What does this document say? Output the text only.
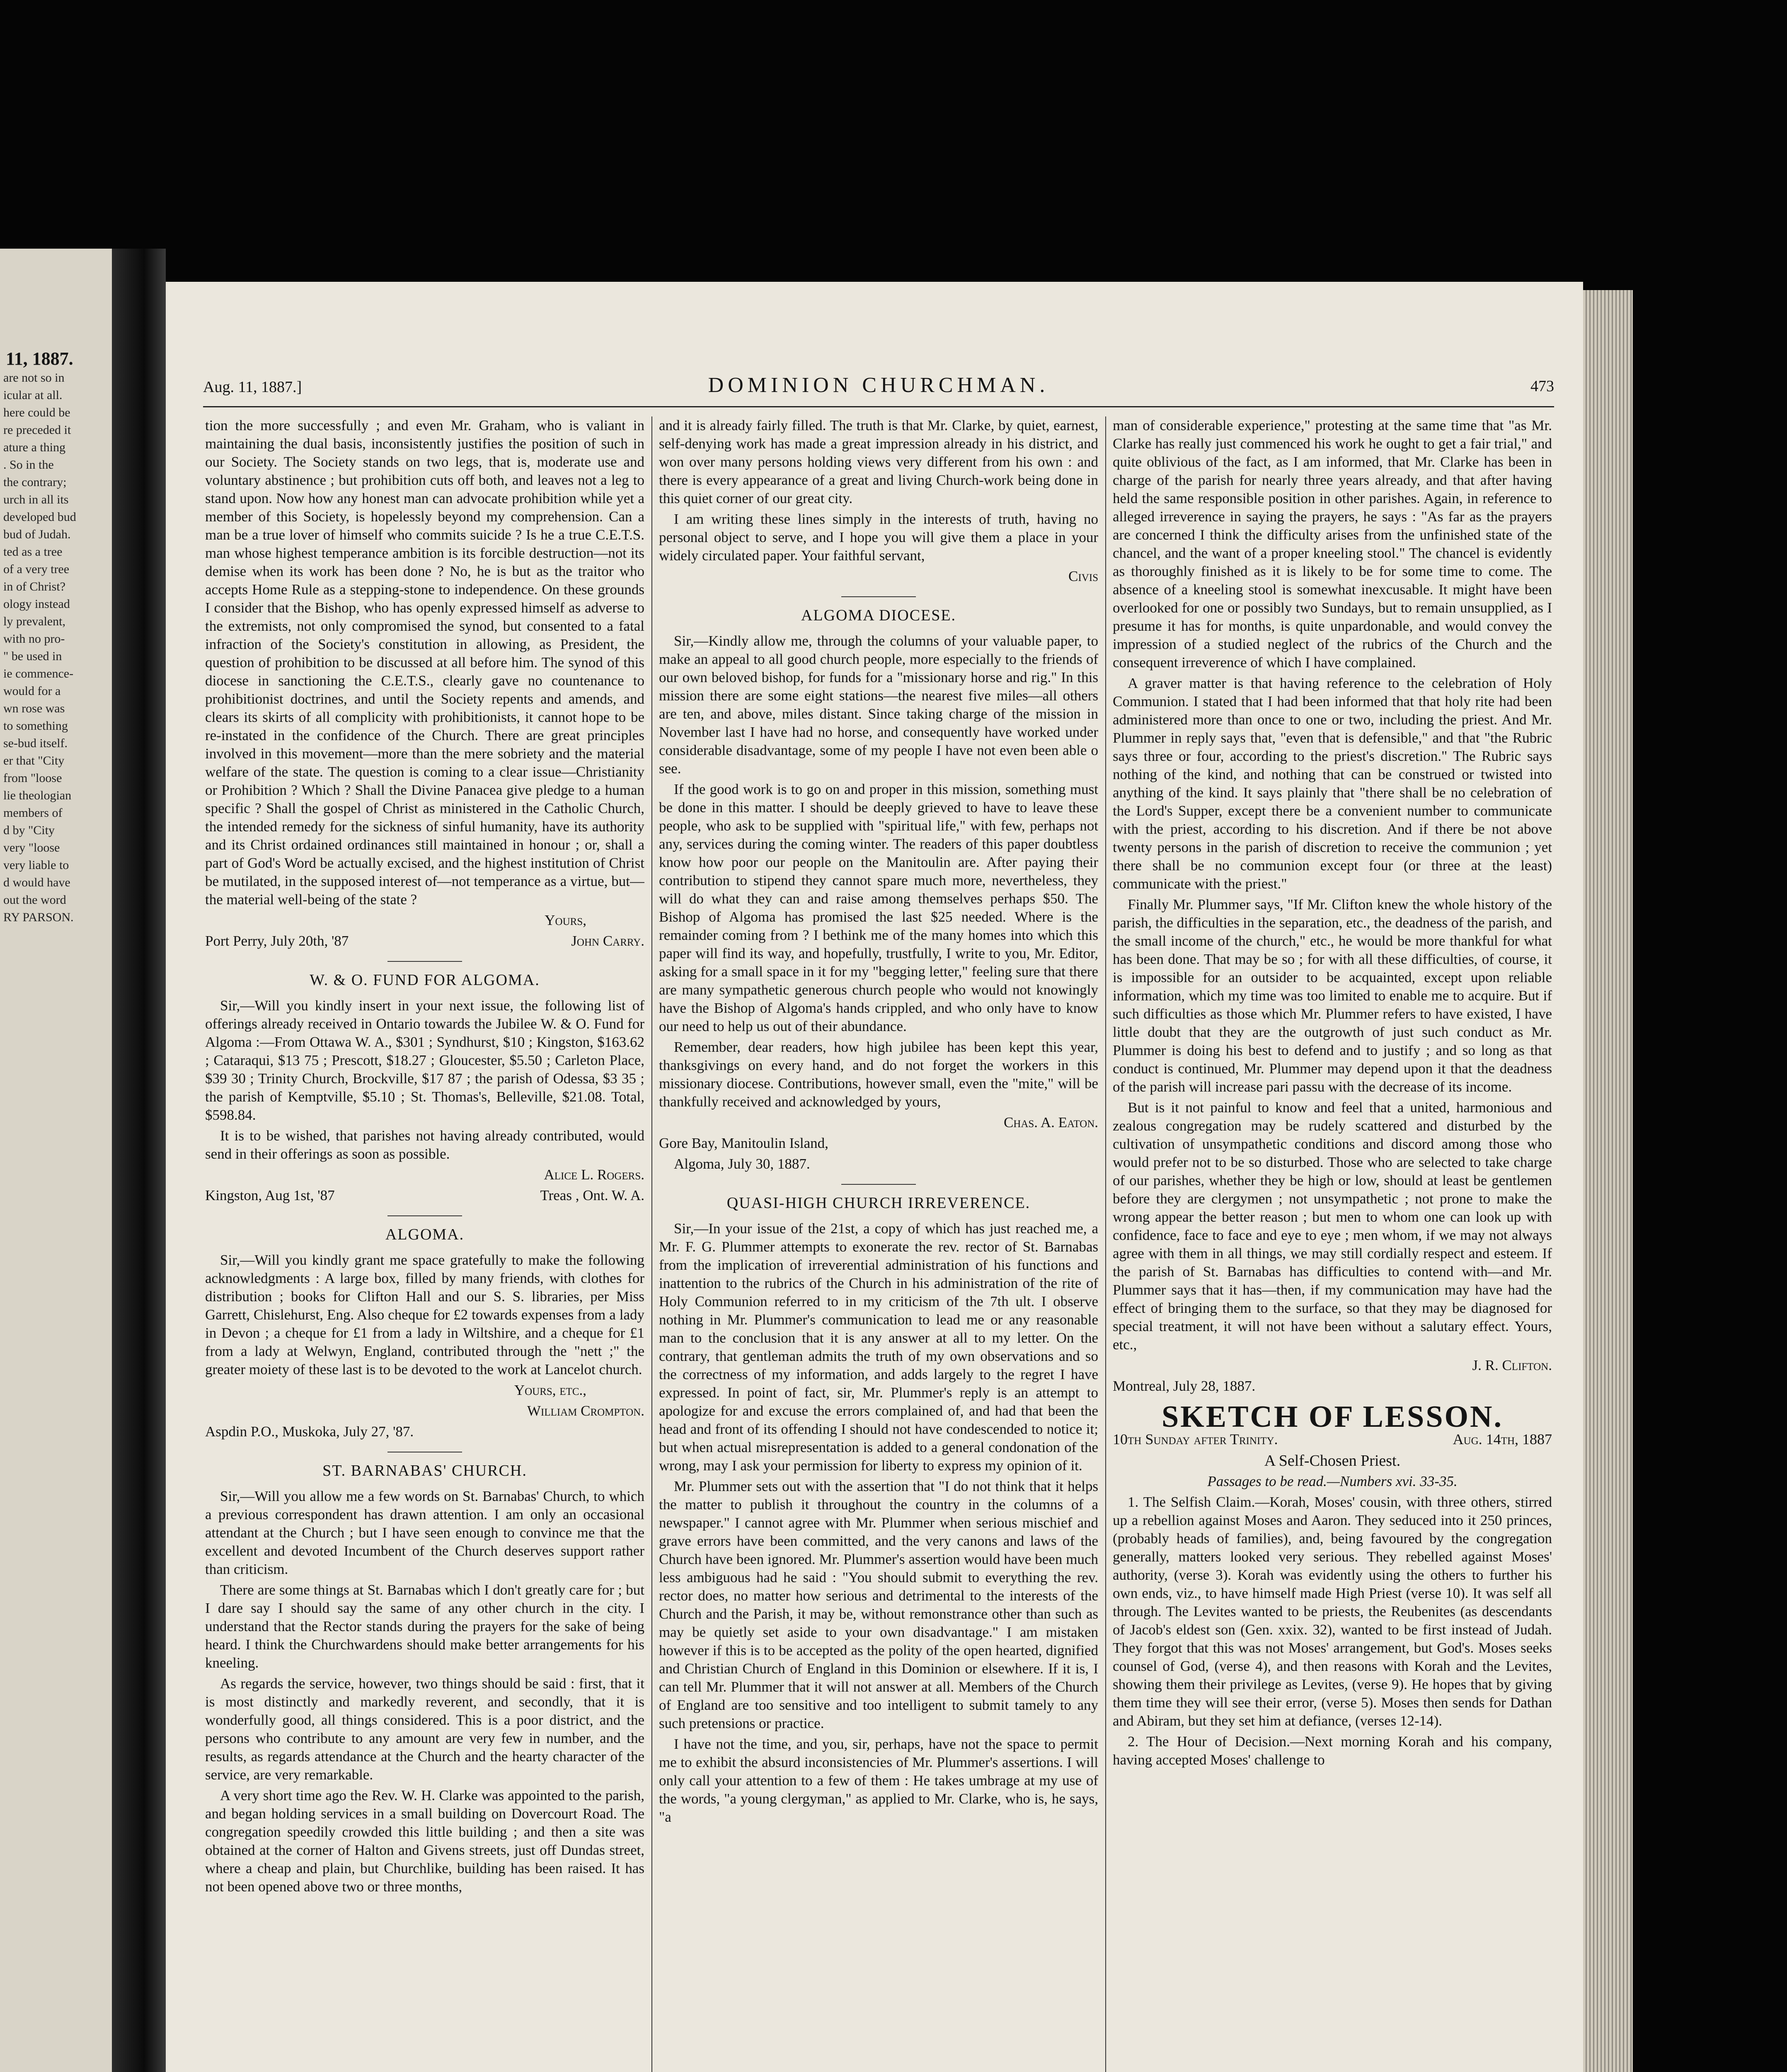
11, 1887.
are not so in
icular at all.
here could be
re preceded it
ature a thing
. So in the
the contrary;
urch in all its
developed bud
bud of Judah.
ted as a tree
of a very tree
in of Christ?
ology instead
ly prevalent,
with no pro-
" be used in
ie commence-
would for a
wn rose was
to something
se-bud itself.
er that "City
from "loose
lie theologian
members of
d by "City
very "loose
very liable to
d would have
out the word
RY PARSON.
Aug. 11, 1887.]	DOMINION CHURCHMAN.	473

tion the more successfully ; and even Mr. Graham, who is valiant in maintaining the dual basis, inconsistently justifies the position of such in our Society. The Society stands on two legs, that is, moderate use and voluntary abstinence ; but prohibition cuts off both, and leaves not a leg to stand upon. Now how any honest man can advocate prohibition while yet a member of this Society, is hopelessly beyond my comprehension. Can a man be a true lover of himself who commits suicide ? Is he a true C.E.T.S. man whose highest temperance ambition is its forcible destruction—not its demise when its work has been done ? No, he is but as the traitor who accepts Home Rule as a stepping-stone to independence. On these grounds I consider that the Bishop, who has openly expressed himself as adverse to the extremists, not only compromised the synod, but consented to a fatal infraction of the Society's constitution in allowing, as President, the question of prohibition to be discussed at all before him. The synod of this diocese in sanctioning the C.E.T.S., clearly gave no countenance to prohibitionist doctrines, and until the Society repents and amends, and clears its skirts of all complicity with prohibitionists, it cannot hope to be re-instated in the confidence of the Church. There are great principles involved in this movement—more than the mere sobriety and the material welfare of the state. The question is coming to a clear issue—Christianity or Prohibition ? Which ? Shall the Divine Panacea give pledge to a human specific ? Shall the gospel of Christ as ministered in the Catholic Church, the intended remedy for the sickness of sinful humanity, have its authority and its Christ ordained ordinances still maintained in honour ; or, shall a part of God's Word be actually excised, and the highest institution of Christ be mutilated, in the supposed interest of—not temperance as a virtue, but—the material well-being of the state ?

Yours,

Port Perry, July 20th, '87	John Carry.
W. & O. FUND FOR ALGOMA.

Sir,—Will you kindly insert in your next issue, the following list of offerings already received in Ontario towards the Jubilee W. & O. Fund for Algoma :—From Ottawa W. A., $301 ; Syndhurst, $10 ; Kingston, $163.62 ; Cataraqui, $13 75 ; Prescott, $18.27 ; Gloucester, $5.50 ; Carleton Place, $39 30 ; Trinity Church, Brockville, $17 87 ; the parish of Odessa, $3 35 ; the parish of Kemptville, $5.10 ; St. Thomas's, Belleville, $21.08. Total, $598.84.

It is to be wished, that parishes not having already contributed, would send in their offerings as soon as possible.

Alice L. Rogers.

Kingston, Aug 1st, '87	Treas , Ont. W. A.
ALGOMA.

Sir,—Will you kindly grant me space gratefully to make the following acknowledgments : A large box, filled by many friends, with clothes for distribution ; books for Clifton Hall and our S. S. libraries, per Miss Garrett, Chislehurst, Eng. Also cheque for £2 towards expenses from a lady in Devon ; a cheque for £1 from a lady in Wiltshire, and a cheque for £1 from a lady at Welwyn, England, contributed through the "nett ;" the greater moiety of these last is to be devoted to the work at Lancelot church.

Yours, etc.,

William Crompton.

Aspdin P.O., Muskoka, July 27, '87.

ST. BARNABAS' CHURCH.

Sir,—Will you allow me a few words on St. Barnabas' Church, to which a previous correspondent has drawn attention. I am only an occasional attendant at the Church ; but I have seen enough to convince me that the excellent and devoted Incumbent of the Church deserves support rather than criticism.

There are some things at St. Barnabas which I don't greatly care for ; but I dare say I should say the same of any other church in the city. I understand that the Rector stands during the prayers for the sake of being heard. I think the Churchwardens should make better arrangements for his kneeling.

As regards the service, however, two things should be said : first, that it is most distinctly and markedly reverent, and secondly, that it is wonderfully good, all things considered. This is a poor district, and the persons who contribute to any amount are very few in number, and the results, as regards attendance at the Church and the hearty character of the service, are very remarkable.

A very short time ago the Rev. W. H. Clarke was appointed to the parish, and began holding services in a small building on Dovercourt Road. The congregation speedily crowded this little building ; and then a site was obtained at the corner of Halton and Givens streets, just off Dundas street, where a cheap and plain, but Churchlike, building has been raised. It has not been opened above two or three months,

and it is already fairly filled. The truth is that Mr. Clarke, by quiet, earnest, self-denying work has made a great impression already in his district, and won over many persons holding views very different from his own : and there is every appearance of a great and living Church-work being done in this quiet corner of our great city.

I am writing these lines simply in the interests of truth, having no personal object to serve, and I hope you will give them a place in your widely circulated paper. Your faithful servant,

Civis

ALGOMA DIOCESE.

Sir,—Kindly allow me, through the columns of your valuable paper, to make an appeal to all good church people, more especially to the friends of our own beloved bishop, for funds for a "missionary horse and rig." In this mission there are some eight stations—the nearest five miles—all others are ten, and above, miles distant. Since taking charge of the mission in November last I have had no horse, and consequently have worked under considerable disadvantage, some of my people I have not even been able o see.

If the good work is to go on and proper in this mission, something must be done in this matter. I should be deeply grieved to have to leave these people, who ask to be supplied with "spiritual life," with few, perhaps not any, services during the coming winter. The readers of this paper doubtless know how poor our people on the Manitoulin are. After paying their contribution to stipend they cannot spare much more, nevertheless, they will do what they can and raise among themselves perhaps $50. The Bishop of Algoma has promised the last $25 needed. Where is the remainder coming from ? I bethink me of the many homes into which this paper will find its way, and hopefully, trustfully, I write to you, Mr. Editor, asking for a small space in it for my "begging letter," feeling sure that there are many sympathetic generous church people who would not knowingly have the Bishop of Algoma's hands crippled, and who only have to know our need to help us out of their abundance.

Remember, dear readers, how high jubilee has been kept this year, thanksgivings on every hand, and do not forget the workers in this missionary diocese. Contributions, however small, even the "mite," will be thankfully received and acknowledged by yours,

Chas. A. Eaton.

Gore Bay, Manitoulin Island,

Algoma, July 30, 1887.

QUASI-HIGH CHURCH IRREVERENCE.

Sir,—In your issue of the 21st, a copy of which has just reached me, a Mr. F. G. Plummer attempts to exonerate the rev. rector of St. Barnabas from the implication of irreverential administration of his functions and inattention to the rubrics of the Church in his administration of the rite of Holy Communion referred to in my criticism of the 7th ult. I observe nothing in Mr. Plummer's communication to lead me or any reasonable man to the conclusion that it is any answer at all to my letter. On the contrary, that gentleman admits the truth of my own observations and so the correctness of my information, and adds largely to the regret I have expressed. In point of fact, sir, Mr. Plummer's reply is an attempt to apologize for and excuse the errors complained of, and had that been the head and front of its offending I should not have condescended to notice it; but when actual misrepresentation is added to a general condonation of the wrong, may I ask your permission for liberty to express my opinion of it.

Mr. Plummer sets out with the assertion that "I do not think that it helps the matter to publish it throughout the country in the columns of a newspaper." I cannot agree with Mr. Plummer when serious mischief and grave errors have been committed, and the very canons and laws of the Church have been ignored. Mr. Plummer's assertion would have been much less ambiguous had he said : "You should submit to everything the rev. rector does, no matter how serious and detrimental to the interests of the Church and the Parish, it may be, without remonstrance other than such as may be quietly set aside to your own disadvantage." I am mistaken however if this is to be accepted as the polity of the open hearted, dignified and Christian Church of England in this Dominion or elsewhere. If it is, I can tell Mr. Plummer that it will not answer at all. Members of the Church of England are too sensitive and too intelligent to submit tamely to any such pretensions or practice.

I have not the time, and you, sir, perhaps, have not the space to permit me to exhibit the absurd inconsistencies of Mr. Plummer's assertions. I will only call your attention to a few of them : He takes umbrage at my use of the words, "a young clergyman," as applied to Mr. Clarke, who is, he says, "a

man of considerable experience," protesting at the same time that "as Mr. Clarke has really just commenced his work he ought to get a fair trial," and quite oblivious of the fact, as I am informed, that Mr. Clarke has been in charge of the parish for nearly three years already, and that after having held the same responsible position in other parishes. Again, in reference to alleged irreverence in saying the prayers, he says : "As far as the prayers are concerned I think the difficulty arises from the unfinished state of the chancel, and the want of a proper kneeling stool." The chancel is evidently as thoroughly finished as it is likely to be for some time to come. The absence of a kneeling stool is somewhat inexcusable. It might have been overlooked for one or possibly two Sundays, but to remain unsupplied, as I presume it has for months, is quite unpardonable, and would convey the impression of a studied neglect of the rubrics of the Church and the consequent irreverence of which I have complained.

A graver matter is that having reference to the celebration of Holy Communion. I stated that I had been informed that that holy rite had been administered more than once to one or two, including the priest. And Mr. Plummer in reply says that, "even that is defensible," and that "the Rubric says three or four, according to the priest's discretion." The Rubric says nothing of the kind, and nothing that can be construed or twisted into anything of the kind. It says plainly that "there shall be no celebration of the Lord's Supper, except there be a convenient number to communicate with the priest, according to his discretion. And if there be not above twenty persons in the parish of discretion to receive the communion ; yet there shall be no communion except four (or three at the least) communicate with the priest."

Finally Mr. Plummer says, "If Mr. Clifton knew the whole history of the parish, the difficulties in the separation, etc., the deadness of the parish, and the small income of the church," etc., he would be more thankful for what has been done. That may be so ; for with all these difficulties, of course, it is impossible for an outsider to be acquainted, except upon reliable information, which my time was too limited to enable me to acquire. But if such difficulties as those which Mr. Plummer refers to have existed, I have little doubt that they are the outgrowth of just such conduct as Mr. Plummer is doing his best to defend and to justify ; and so long as that conduct is continued, Mr. Plummer may depend upon it that the deadness of the parish will increase pari passu with the decrease of its income.

But is it not painful to know and feel that a united, harmonious and zealous congregation may be rudely scattered and disturbed by the cultivation of unsympathetic conditions and discord among those who would prefer not to be so disturbed. Those who are selected to take charge of our parishes, whether they be high or low, should at least be gentlemen before they are clergymen ; not unsympathetic ; not prone to make the wrong appear the better reason ; but men to whom one can look up with confidence, face to face and eye to eye ; men whom, if we may not always agree with them in all things, we may still cordially respect and esteem. If the parish of St. Barnabas has difficulties to contend with—and Mr. Plummer says that it has—then, if my communication may have had the effect of bringing them to the surface, so that they may be diagnosed for special treatment, it will not have been without a salutary effect. Yours, etc.,

J. R. Clifton.

Montreal, July 28, 1887.

SKETCH OF LESSON.
10th Sunday after Trinity.	Aug. 14th, 1887

A Self-Chosen Priest.

Passages to be read.—Numbers xvi. 33-35.

1. The Selfish Claim.—Korah, Moses' cousin, with three others, stirred up a rebellion against Moses and Aaron. They seduced into it 250 princes, (probably heads of families), and, being favoured by the congregation generally, matters looked very serious. They rebelled against Moses' authority, (verse 3). Korah was evidently using the others to further his own ends, viz., to have himself made High Priest (verse 10). It was self all through. The Levites wanted to be priests, the Reubenites (as descendants of Jacob's eldest son (Gen. xxix. 32), wanted to be first instead of Judah. They forgot that this was not Moses' arrangement, but God's. Moses seeks counsel of God, (verse 4), and then reasons with Korah and the Levites, showing them their privilege as Levites, (verse 9). He hopes that by giving them time they will see their error, (verse 5). Moses then sends for Dathan and Abiram, but they set him at defiance, (verses 12-14).

2. The Hour of Decision.—Next morning Korah and his company, having accepted Moses' challenge to
